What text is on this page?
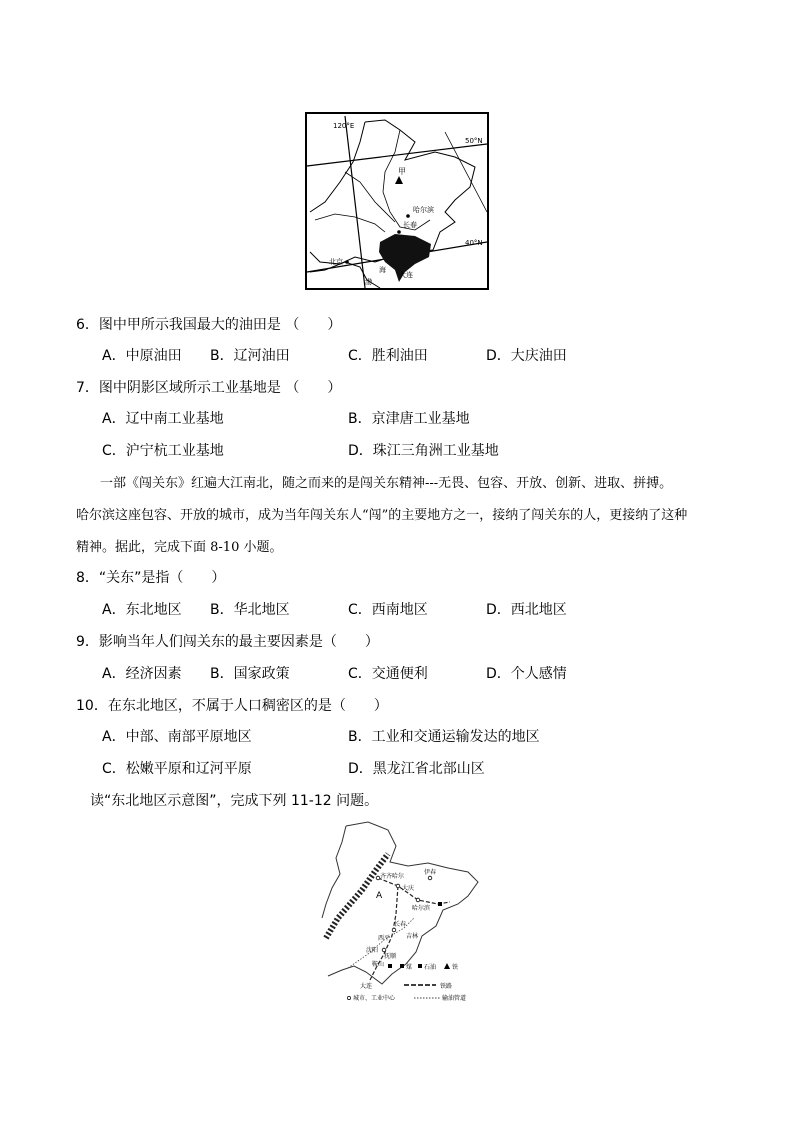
120°E
50°N
40°N
甲
哈尔滨
长春
北京
海
大连
渤
6．图中甲所示我国最大的油田是 （　　）
A．中原油田 B．辽河油田	C．胜利油田	D．大庆油田
7．图中阴影区域所示工业基地是 （　　）
A．辽中南工业基地	B．京津唐工业基地
C．沪宁杭工业基地	D．珠江三角洲工业基地
一部《闯关东》红遍大江南北，随之而来的是闯关东精神---无畏、包容、开放、创新、进取、拼搏。
哈尔滨这座包容、开放的城市，成为当年闯关东人“闯”的主要地方之一，接纳了闯关东的人，更接纳了这种
精神。据此，完成下面 8-10 小题。
8．“关东”是指（　　）
A．东北地区 B．华北地区	C．西南地区	D．西北地区
9．影响当年人们闯关东的最主要因素是（　　）
A．经济因素 B．国家政策	C．交通便利	D．个人感情
10．在东北地区，不属于人口稠密区的是（　　）
A．中部、南部平原地区	B．工业和交通运输发达的地区
C．松嫩平原和辽河平原	D．黑龙江省北部山区
读“东北地区示意图”，完成下列 11-12 问题。
齐齐哈尔
大庆
伊春
哈尔滨
A
长春
西平	吉林
沈阳
抚顺
鞍山
大连
煤 石油	铁
铁路
城市、工业中心	输油管道
